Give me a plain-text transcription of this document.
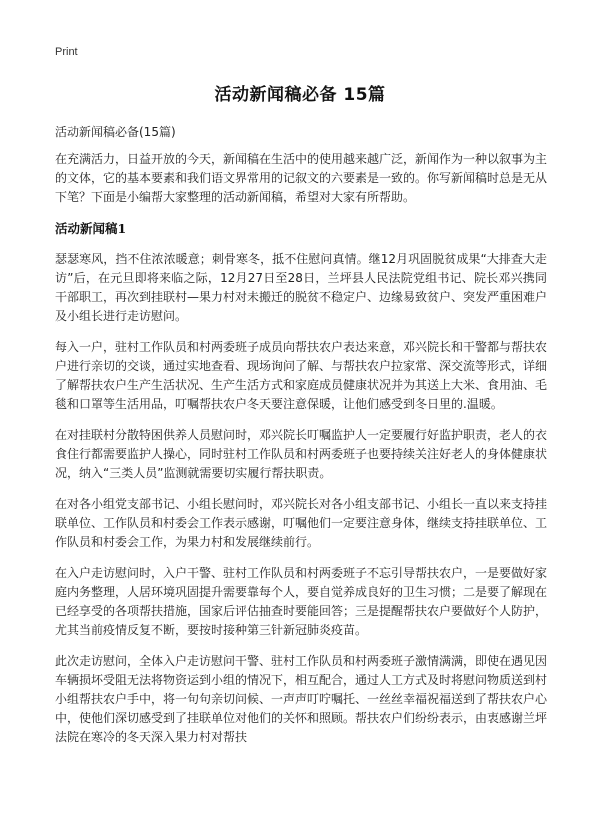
Print
活动新闻稿必备 15篇
活动新闻稿必备(15篇)

在充满活力，日益开放的今天，新闻稿在生活中的使用越来越广泛，新闻作为一种以叙事为主的文体，它的基本要素和我们语文界常用的记叙文的六要素是一致的。你写新闻稿时总是无从下笔？下面是小编帮大家整理的活动新闻稿，希望对大家有所帮助。

活动新闻稿1

瑟瑟寒风，挡不住浓浓暖意；刺骨寒冬，抵不住慰问真情。继12月巩固脱贫成果“大排查大走访”后，在元旦即将来临之际，12月27日至28日，兰坪县人民法院党组书记、院长邓兴携同干部职工，再次到挂联村—果力村对未搬迁的脱贫不稳定户、边缘易致贫户、突发严重困难户及小组长进行走访慰问。

每入一户，驻村工作队员和村两委班子成员向帮扶农户表达来意，邓兴院长和干警都与帮扶农户进行亲切的交谈，通过实地查看、现场询问了解、与帮扶农户拉家常、深交流等形式，详细了解帮扶农户生产生活状况、生产生活方式和家庭成员健康状况并为其送上大米、食用油、毛毯和口罩等生活用品，叮嘱帮扶农户冬天要注意保暖，让他们感受到冬日里的.温暖。

在对挂联村分散特困供养人员慰问时，邓兴院长叮嘱监护人一定要履行好监护职责，老人的衣食住行都需要监护人操心，同时驻村工作队员和村两委班子也要持续关注好老人的身体健康状况，纳入“三类人员”监测就需要切实履行帮扶职责。

在对各小组党支部书记、小组长慰问时，邓兴院长对各小组支部书记、小组长一直以来支持挂联单位、工作队员和村委会工作表示感谢，叮嘱他们一定要注意身体，继续支持挂联单位、工作队员和村委会工作，为果力村和发展继续前行。

在入户走访慰问时，入户干警、驻村工作队员和村两委班子不忘引导帮扶农户，一是要做好家庭内务整理，人居环境巩固提升需要靠每个人，要自觉养成良好的卫生习惯；二是要了解现在已经享受的各项帮扶措施，国家后评估抽查时要能回答；三是提醒帮扶农户要做好个人防护，尤其当前疫情反复不断，要按时接种第三针新冠肺炎疫苗。

此次走访慰问，全体入户走访慰问干警、驻村工作队员和村两委班子激情满满，即使在遇见因车辆损坏受阻无法将物资运到小组的情况下，相互配合，通过人工方式及时将慰问物质送到村小组帮扶农户手中，将一句句亲切问候、一声声叮咛嘱托、一丝丝幸福祝福送到了帮扶农户心中，使他们深切感受到了挂联单位对他们的关怀和照顾。帮扶农户们纷纷表示，由衷感谢兰坪法院在寒冷的冬天深入果力村对帮扶
